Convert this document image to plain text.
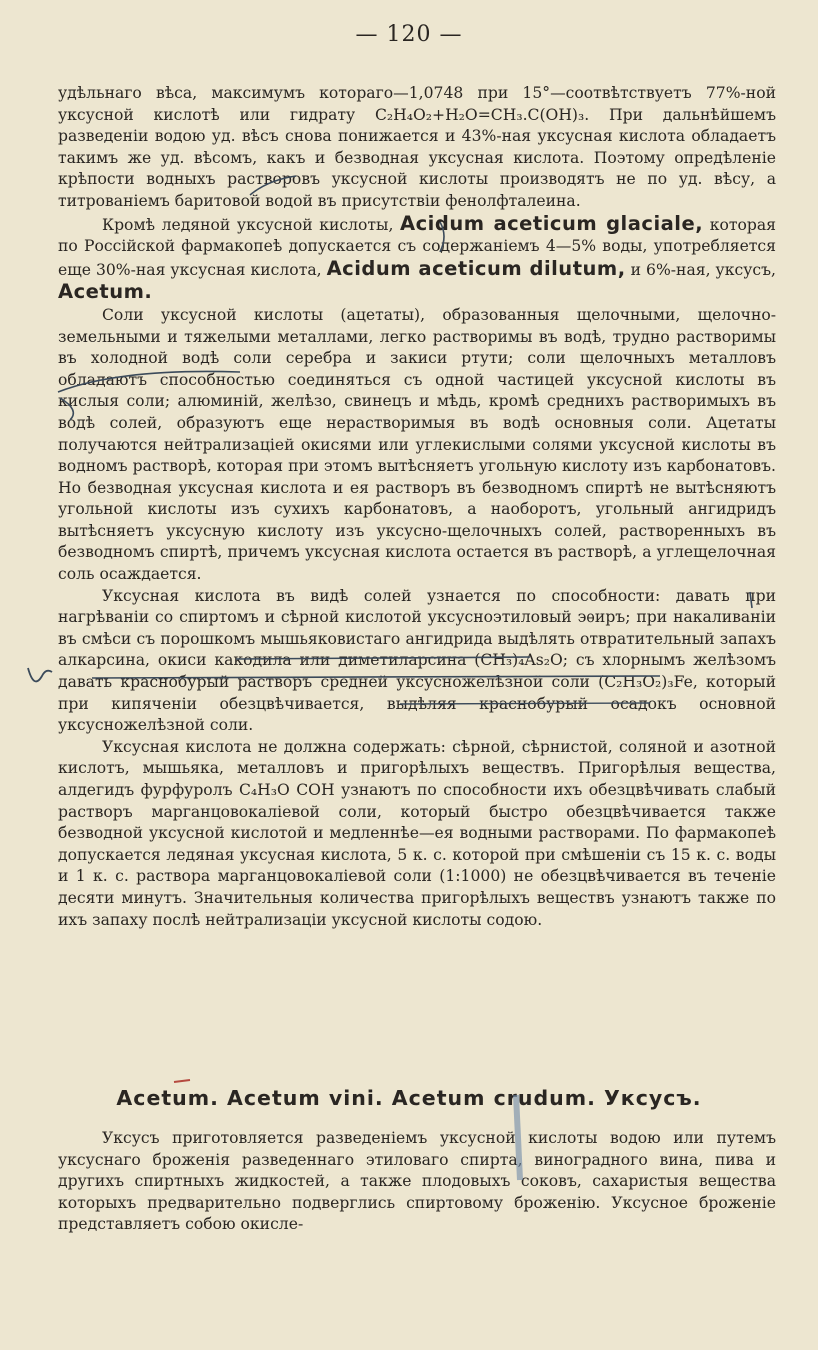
— 120 —

удѣльнаго вѣса, максимумъ котораго—1,0748 при 15°—соотвѣтствуетъ 77%-ной уксусной кислотѣ или гидрату C₂H₄O₂+H₂O=CH₃.C(OH)₃. При дальнѣйшемъ разведеніи водою уд. вѣсъ снова понижается и 43%-ная уксусная кислота обладаетъ такимъ же уд. вѣсомъ, какъ и безводная уксусная кислота. Поэтому опредѣленіе крѣпости водныхъ растворовъ уксусной кислоты производятъ не по уд. вѣсу, а титрованіемъ баритовой водой въ присутствіи фенолфталеина.

Кромѣ ледяной уксусной кислоты, Acidum aceticum glaciale, которая по Россійской фармакопеѣ допускается съ содержаніемъ 4—5% воды, употребляется еще 30%-ная уксусная кислота, Acidum aceticum dilutum, и 6%-ная, уксусъ, Acetum.

Соли уксусной кислоты (ацетаты), образованныя щелочными, щелочно-земельными и тяжелыми металлами, легко растворимы въ водѣ, трудно растворимы въ холодной водѣ соли серебра и закиси ртути; соли щелочныхъ металловъ обладаютъ способностью соединяться съ одной частицей уксусной кислоты въ кислыя соли; алюминій, желѣзо, свинецъ и мѣдь, кромѣ среднихъ растворимыхъ въ водѣ солей, образуютъ еще нерастворимыя въ водѣ основныя соли. Ацетаты получаются нейтрализаціей окисями или углекислыми солями уксусной кислоты въ водномъ растворѣ, которая при этомъ вытѣсняетъ угольную кислоту изъ карбонатовъ. Но безводная уксусная кислота и ея растворъ въ безводномъ спиртѣ не вытѣсняютъ угольной кислоты изъ сухихъ карбонатовъ, а наоборотъ, угольный ангидридъ вытѣсняетъ уксусную кислоту изъ уксусно-щелочныхъ солей, растворенныхъ въ безводномъ спиртѣ, причемъ уксусная кислота остается въ растворѣ, а углещелочная соль осаждается.

Уксусная кислота въ видѣ солей узнается по способности: давать при нагрѣваніи со спиртомъ и сѣрной кислотой уксусноэтиловый эѳиръ; при накаливаніи въ смѣси съ порошкомъ мышьяковистаго ангидрида выдѣлять отвратительный запахъ алкарсина, окиси какодила или диметиларсина (CH₃)₄As₂O; съ хлорнымъ желѣзомъ давать краснобурый растворъ средней уксусножелѣзной соли (C₂H₃O₂)₃Fe, который при кипяченіи обезцвѣчивается, выдѣляя краснобурый осадокъ основной уксусножелѣзной соли.

Уксусная кислота не должна содержать: сѣрной, сѣрнистой, соляной и азотной кислотъ, мышьяка, металловъ и пригорѣлыхъ веществъ. Пригорѣлыя вещества, алдегидъ фурфуролъ C₄H₃O COH узнаютъ по способности ихъ обезцвѣчивать слабый растворъ марганцовокаліевой соли, который быстро обезцвѣчивается также безводной уксусной кислотой и медленнѣе—ея водными растворами. По фармакопеѣ допускается ледяная уксусная кислота, 5 к. с. которой при смѣшеніи съ 15 к. с. воды и 1 к. с. раствора марганцовокаліевой соли (1:1000) не обезцвѣчивается въ теченіе десяти минутъ. Значительныя количества пригорѣлыхъ веществъ узнаютъ также по ихъ запаху послѣ нейтрализаціи уксусной кислоты содою.

Acetum. Acetum vini. Acetum crudum. Уксусъ.

Уксусъ приготовляется разведеніемъ уксусной кислоты водою или путемъ уксуснаго броженія разведеннаго этиловаго спирта, виноградного вина, пива и другихъ спиртныхъ жидкостей, а также плодовыхъ соковъ, сахаристыя вещества которыхъ предварительно подверглись спиртовому броженію. Уксусное броженіе представляетъ собою окисле-
